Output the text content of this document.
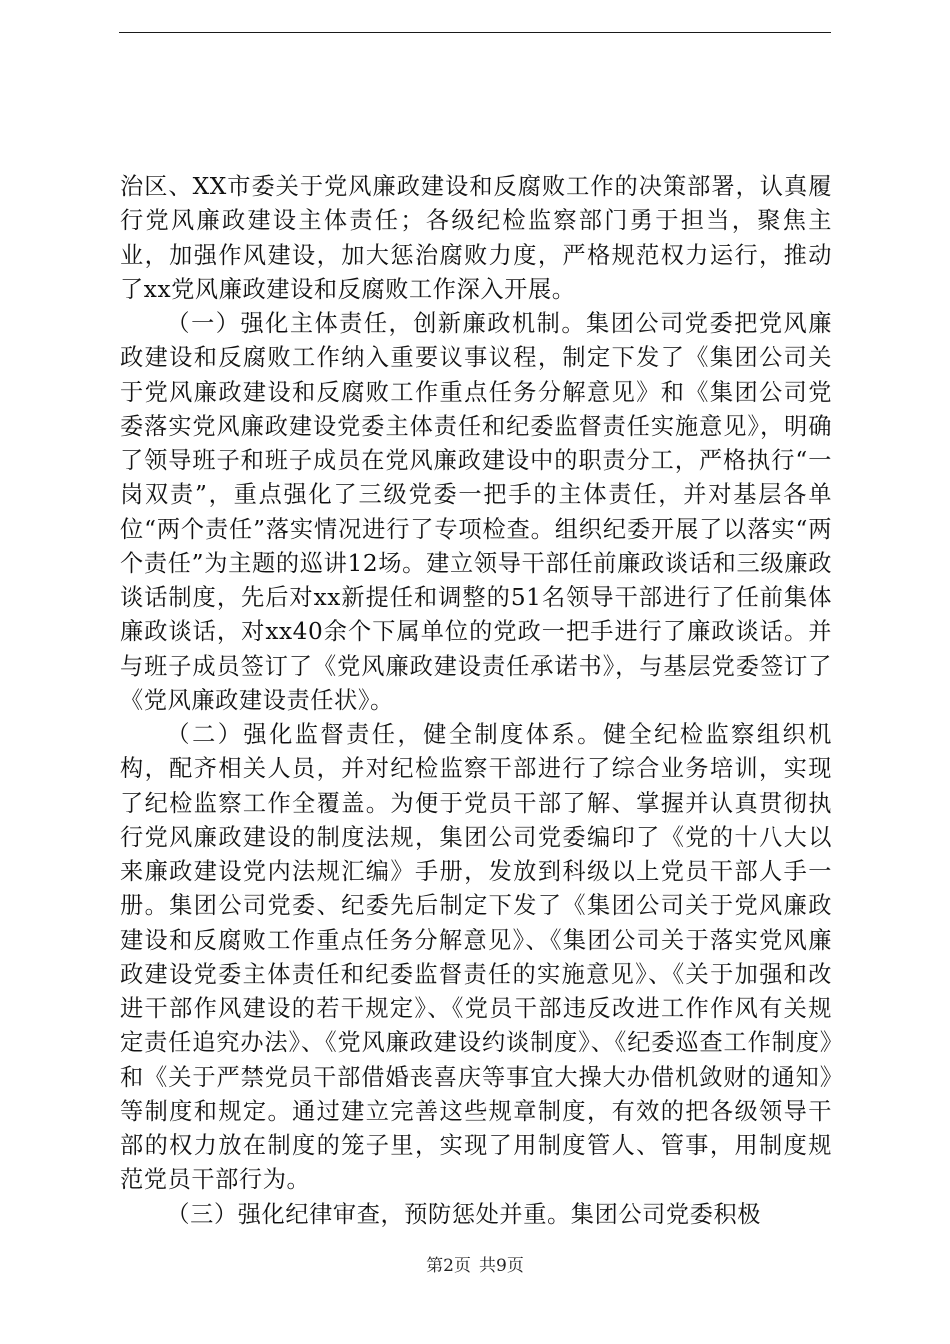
治区、XX市委关于党风廉政建设和反腐败工作的决策部署，认真履行党风廉政建设主体责任；各级纪检监察部门勇于担当，聚焦主业，加强作风建设，加大惩治腐败力度，严格规范权力运行，推动了xx党风廉政建设和反腐败工作深入开展。

（一）强化主体责任，创新廉政机制。集团公司党委把党风廉政建设和反腐败工作纳入重要议事议程，制定下发了《集团公司关于党风廉政建设和反腐败工作重点任务分解意见》和《集团公司党委落实党风廉政建设党委主体责任和纪委监督责任实施意见》，明确了领导班子和班子成员在党风廉政建设中的职责分工，严格执行“一岗双责”，重点强化了三级党委一把手的主体责任，并对基层各单位“两个责任”落实情况进行了专项检查。组织纪委开展了以落实“两个责任”为主题的巡讲12场。建立领导干部任前廉政谈话和三级廉政谈话制度，先后对xx新提任和调整的51名领导干部进行了任前集体廉政谈话，对xx40余个下属单位的党政一把手进行了廉政谈话。并与班子成员签订了《党风廉政建设责任承诺书》，与基层党委签订了《党风廉政建设责任状》。

（二）强化监督责任，健全制度体系。健全纪检监察组织机构，配齐相关人员，并对纪检监察干部进行了综合业务培训，实现了纪检监察工作全覆盖。为便于党员干部了解、掌握并认真贯彻执行党风廉政建设的制度法规，集团公司党委编印了《党的十八大以来廉政建设党内法规汇编》手册，发放到科级以上党员干部人手一册。集团公司党委、纪委先后制定下发了《集团公司关于党风廉政建设和反腐败工作重点任务分解意见》、《集团公司关于落实党风廉政建设党委主体责任和纪委监督责任的实施意见》、《关于加强和改进干部作风建设的若干规定》、《党员干部违反改进工作作风有关规定责任追究办法》、《党风廉政建设约谈制度》、《纪委巡查工作制度》和《关于严禁党员干部借婚丧喜庆等事宜大操大办借机敛财的通知》等制度和规定。通过建立完善这些规章制度，有效的把各级领导干部的权力放在制度的笼子里，实现了用制度管人、管事，用制度规范党员干部行为。

（三）强化纪律审查，预防惩处并重。集团公司党委积极

第2页 共9页
